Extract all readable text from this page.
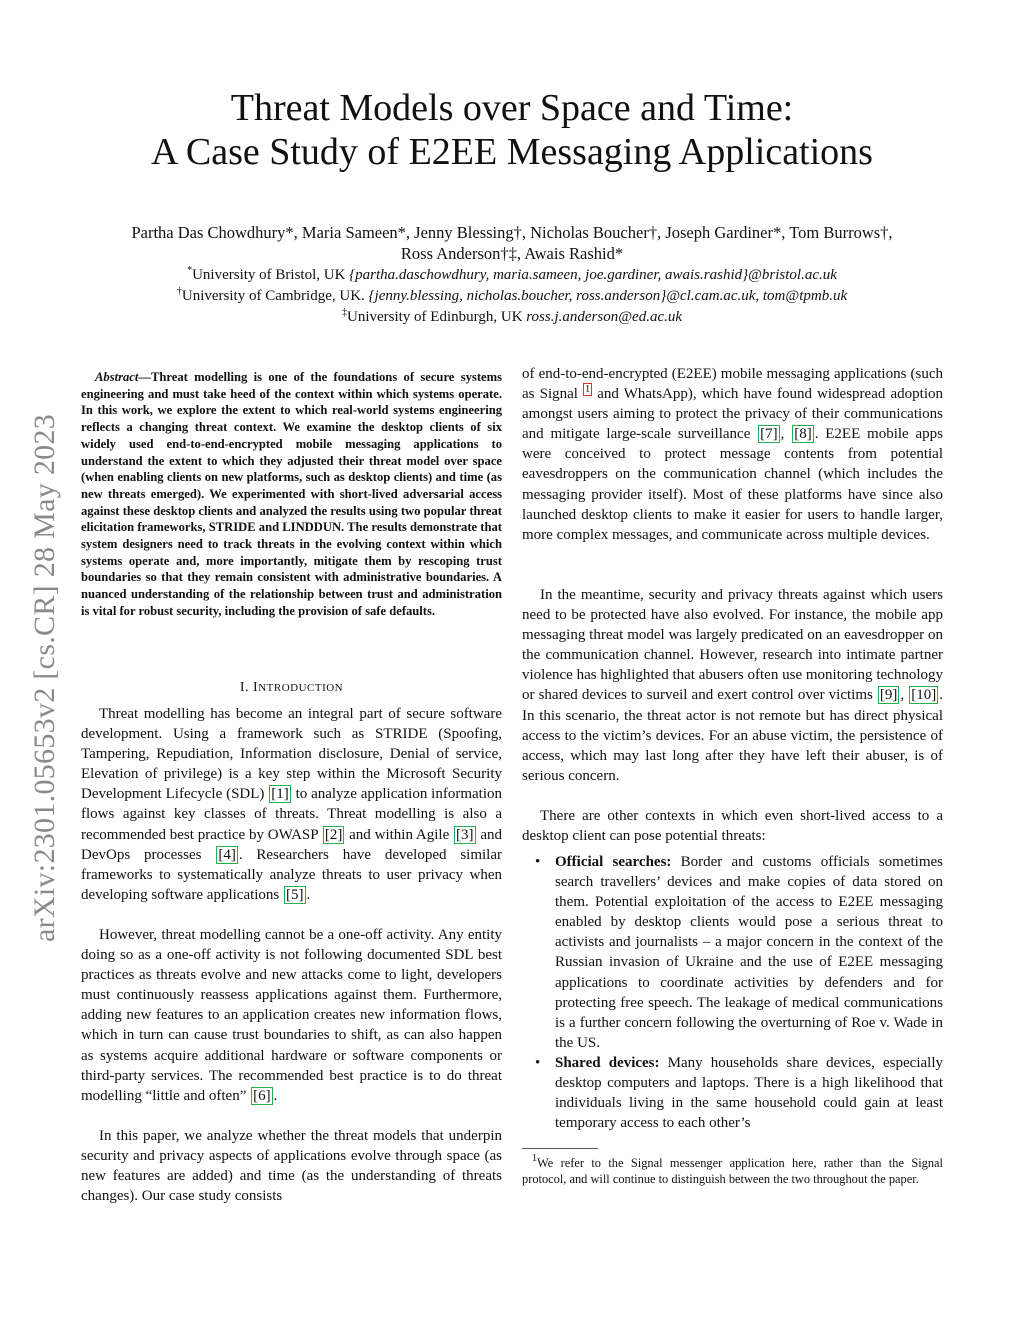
arXiv:2301.05653v2 [cs.CR] 28 May 2023
Threat Models over Space and Time:
A Case Study of E2EE Messaging Applications
Partha Das Chowdhury*, Maria Sameen*, Jenny Blessing†, Nicholas Boucher†, Joseph Gardiner*, Tom Burrows†,
Ross Anderson†‡, Awais Rashid*
*University of Bristol, UK {partha.daschowdhury, maria.sameen, joe.gardiner, awais.rashid}@bristol.ac.uk
†University of Cambridge, UK. {jenny.blessing, nicholas.boucher, ross.anderson}@cl.cam.ac.uk, tom@tpmb.uk
‡University of Edinburgh, UK ross.j.anderson@ed.ac.uk

Abstract—Threat modelling is one of the foundations of secure systems engineering and must take heed of the context within which systems operate. In this work, we explore the extent to which real-world systems engineering reflects a changing threat context. We examine the desktop clients of six widely used end-to-end-encrypted mobile messaging applications to understand the extent to which they adjusted their threat model over space (when enabling clients on new platforms, such as desktop clients) and time (as new threats emerged). We experimented with short-lived adversarial access against these desktop clients and analyzed the results using two popular threat elicitation frameworks, STRIDE and LINDDUN. The results demonstrate that system designers need to track threats in the evolving context within which systems operate and, more importantly, mitigate them by rescoping trust boundaries so that they remain consistent with administrative boundaries. A nuanced understanding of the relationship between trust and administration is vital for robust security, including the provision of safe defaults.

I. INTRODUCTION

Threat modelling has become an integral part of secure software development. Using a framework such as STRIDE (Spoofing, Tampering, Repudiation, Information disclosure, Denial of service, Elevation of privilege) is a key step within the Microsoft Security Development Lifecycle (SDL) [1] to analyze application information flows against key classes of threats. Threat modelling is also a recommended best practice by OWASP [2] and within Agile [3] and DevOps processes [4] . Researchers have developed similar frameworks to systematically analyze threats to user privacy when developing software applications [5] .

However, threat modelling cannot be a one-off activity. Any entity doing so as a one-off activity is not following documented SDL best practices as threats evolve and new attacks come to light, developers must continuously reassess applications against them. Furthermore, adding new features to an application creates new information flows, which in turn can cause trust boundaries to shift, as can also happen as systems acquire additional hardware or software components or third-party services. The recommended best practice is to do threat modelling “little and often” [6] .

In this paper, we analyze whether the threat models that underpin security and privacy aspects of applications evolve through space (as new features are added) and time (as the understanding of threats changes). Our case study consists

of end-to-end-encrypted (E2EE) mobile messaging applications (such as Signal $^1$ and WhatsApp), which have found widespread adoption amongst users aiming to protect the privacy of their communications and mitigate large-scale surveillance [7] , [8] . E2EE mobile apps were conceived to protect message contents from potential eavesdroppers on the communication channel (which includes the messaging provider itself). Most of these platforms have since also launched desktop clients to make it easier for users to handle larger, more complex messages, and communicate across multiple devices.

In the meantime, security and privacy threats against which users need to be protected have also evolved. For instance, the mobile app messaging threat model was largely predicated on an eavesdropper on the communication channel. However, research into intimate partner violence has highlighted that abusers often use monitoring technology or shared devices to surveil and exert control over victims [9] , [10] . In this scenario, the threat actor is not remote but has direct physical access to the victim’s devices. For an abuse victim, the persistence of access, which may last long after they have left their abuser, is of serious concern.

There are other contexts in which even short-lived access to a desktop client can pose potential threats:

• Official searches: Border and customs officials sometimes search travellers’ devices and make copies of data stored on them. Potential exploitation of the access to E2EE messaging enabled by desktop clients would pose a serious threat to activists and journalists – a major concern in the context of the Russian invasion of Ukraine and the use of E2EE messaging applications to coordinate activities by defenders and for protecting free speech. The leakage of medical communications is a further concern following the overturning of Roe v. Wade in the US.
• Shared devices: Many households share devices, especially desktop computers and laptops. There is a high likelihood that individuals living in the same household could gain at least temporary access to each other’s

$^1$We refer to the Signal messenger application here, rather than the Signal protocol, and will continue to distinguish between the two throughout the paper.
